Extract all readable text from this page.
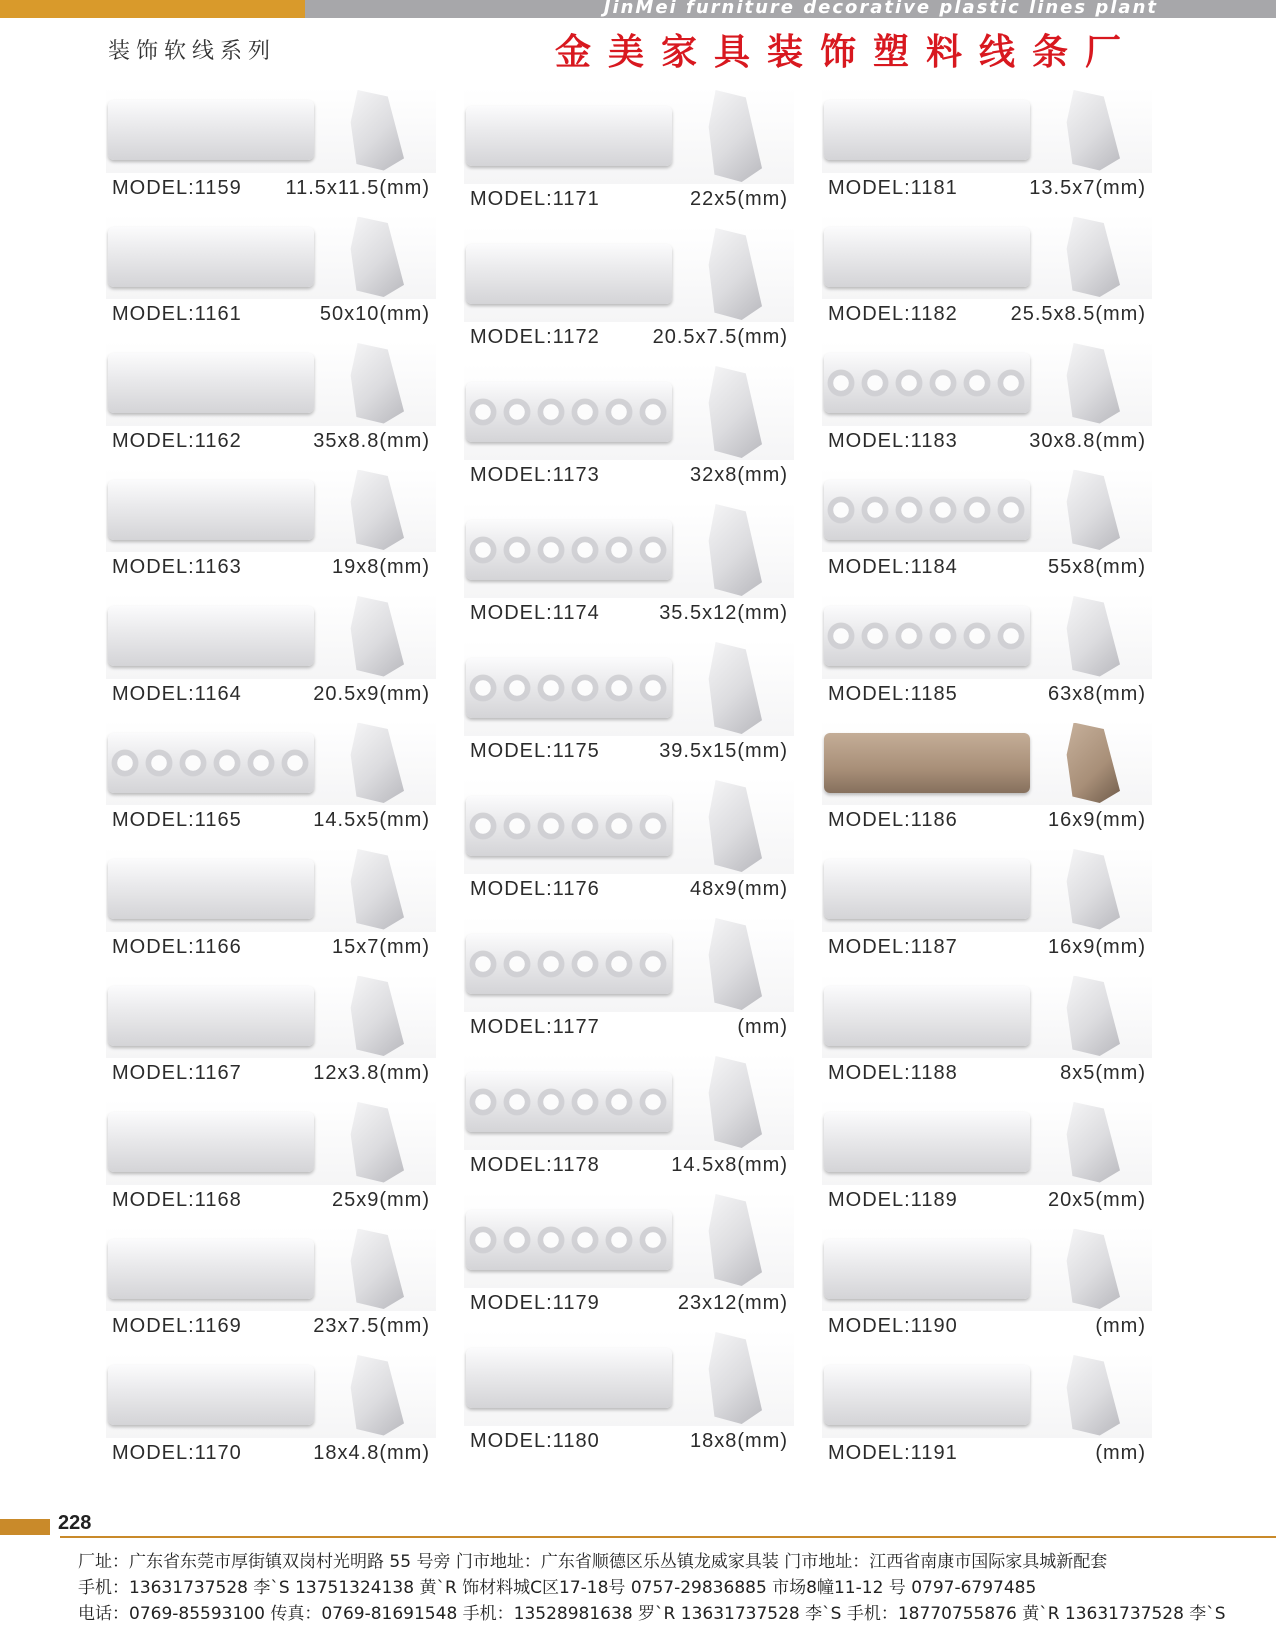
JinMei furniture decorative plastic lines plant
装饰软线系列	金美家具装饰塑料线条厂
MODEL:1159 11.5x11.5(mm)
MODEL:1161	50x10(mm)
MODEL:1162	35x8.8(mm)
MODEL:1163	19x8(mm)
MODEL:1164	20.5x9(mm)
MODEL:1165	14.5x5(mm)
MODEL:1166	15x7(mm)
MODEL:1167	12x3.8(mm)
MODEL:1168	25x9(mm)
MODEL:1169	23x7.5(mm)
MODEL:1170	18x4.8(mm)
MODEL:1171	22x5(mm)
MODEL:1172	20.5x7.5(mm)
MODEL:1173	32x8(mm)
MODEL:1174	35.5x12(mm)
MODEL:1175	39.5x15(mm)
MODEL:1176	48x9(mm)
MODEL:1177	(mm)
MODEL:1178	14.5x8(mm)
MODEL:1179	23x12(mm)
MODEL:1180	18x8(mm)
MODEL:1181	13.5x7(mm)
MODEL:1182	25.5x8.5(mm)
MODEL:1183	30x8.8(mm)
MODEL:1184	55x8(mm)
MODEL:1185	63x8(mm)
MODEL:1186	16x9(mm)
MODEL:1187	16x9(mm)
MODEL:1188	8x5(mm)
MODEL:1189	20x5(mm)
MODEL:1190	(mm)
MODEL:1191	(mm)
228
厂址：广东省东莞市厚街镇双岗村光明路 55 号旁 门市地址：广东省顺德区乐丛镇龙威家具装 门市地址：江西省南康市国际家具城新配套
手机：13631737528 李`S 13751324138 黄`R 饰材料城C区17-18号 0757-29836885 市场8幢11-12 号 0797-6797485
电话：0769-85593100 传真：0769-81691548 手机：13528981638 罗`R 13631737528 李`S 手机：18770755876 黄`R 13631737528 李`S
